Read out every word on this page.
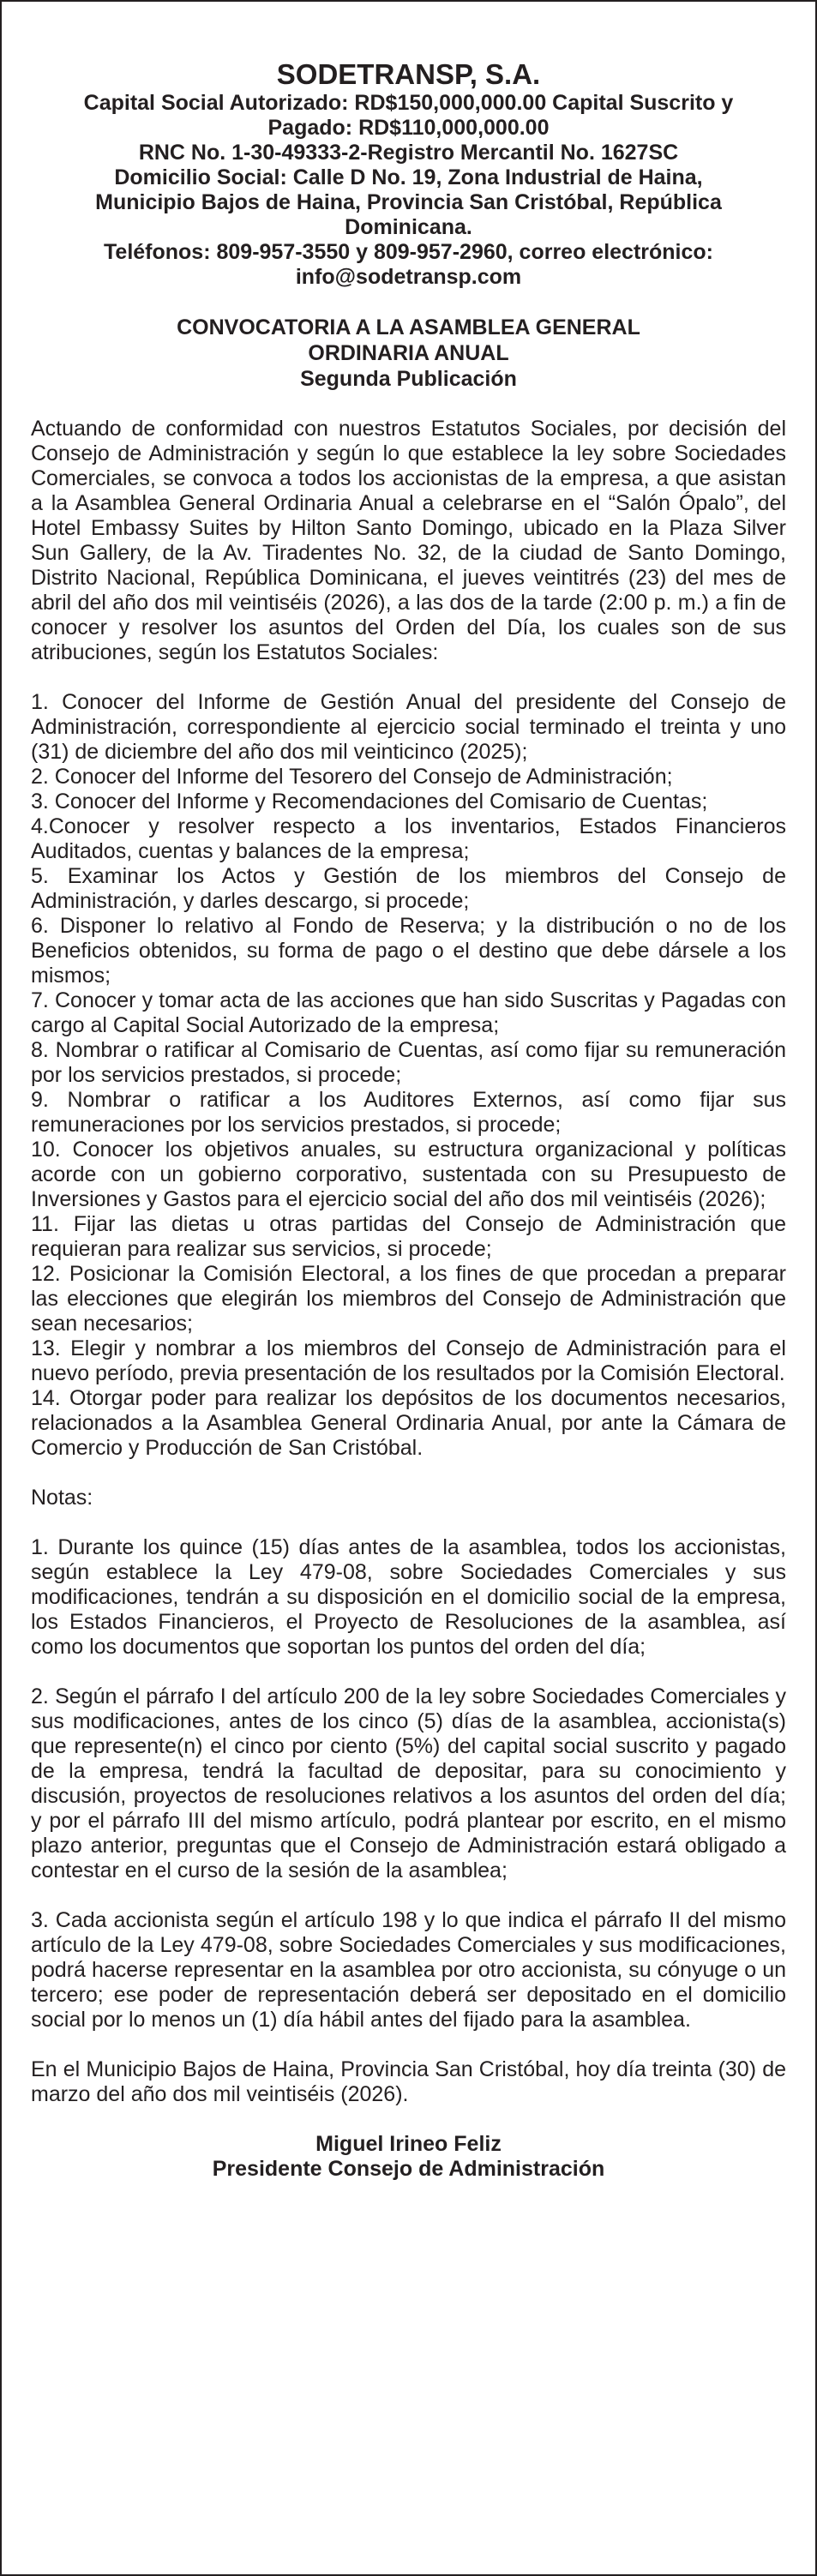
SODETRANSP, S.A.
Capital Social Autorizado: RD$150,000,000.00 Capital Suscrito y
Pagado: RD$110,000,000.00
RNC No. 1-30-49333-2-Registro Mercantil No. 1627SC
Domicilio Social: Calle D No. 19, Zona Industrial de Haina,
Municipio Bajos de Haina, Provincia San Cristóbal, República
Dominicana.
Teléfonos: 809-957-3550 y 809-957-2960, correo electrónico:
info@sodetransp.com
CONVOCATORIA A LA ASAMBLEA GENERAL
ORDINARIA ANUAL
Segunda Publicación

Actuando de conformidad con nuestros Estatutos Sociales, por decisión del Consejo de Administración y según lo que establece la ley sobre Sociedades Comerciales, se convoca a todos los accionistas de la empresa, a que asistan a la Asamblea General Ordinaria Anual a celebrarse en el “Salón Ópalo”, del Hotel Embassy Suites by Hilton Santo Domingo, ubicado en la Plaza Silver Sun Gallery, de la Av. Tiradentes No. 32, de la ciudad de Santo Domingo, Distrito Nacional, República Dominicana, el jueves veintitrés (23) del mes de abril del año dos mil veintiséis (2026), a las dos de la tarde (2:00 p. m.) a fin de conocer y resolver los asuntos del Orden del Día, los cuales son de sus atribuciones, según los Estatutos Sociales:

1. Conocer del Informe de Gestión Anual del presidente del Consejo de Administración, correspondiente al ejercicio social terminado el treinta y uno (31) de diciembre del año dos mil veinticinco (2025);

2. Conocer del Informe del Tesorero del Consejo de Administración;

3. Conocer del Informe y Recomendaciones del Comisario de Cuentas;

4.Conocer y resolver respecto a los inventarios, Estados Financieros Auditados, cuentas y balances de la empresa;

5. Examinar los Actos y Gestión de los miembros del Consejo de Administración, y darles descargo, si procede;

6. Disponer lo relativo al Fondo de Reserva; y la distribución o no de los Beneficios obtenidos, su forma de pago o el destino que debe dársele a los mismos;

7. Conocer y tomar acta de las acciones que han sido Suscritas y Pagadas con cargo al Capital Social Autorizado de la empresa;

8. Nombrar o ratificar al Comisario de Cuentas, así como fijar su remuneración por los servicios prestados, si procede;

9. Nombrar o ratificar a los Auditores Externos, así como fijar sus remuneraciones por los servicios prestados, si procede;

10. Conocer los objetivos anuales, su estructura organizacional y políticas acorde con un gobierno corporativo, sustentada con su Presupuesto de Inversiones y Gastos para el ejercicio social del año dos mil veintiséis (2026);

11. Fijar las dietas u otras partidas del Consejo de Administración que requieran para realizar sus servicios, si procede;

12. Posicionar la Comisión Electoral, a los fines de que procedan a preparar las elecciones que elegirán los miembros del Consejo de Administración que sean necesarios;

13. Elegir y nombrar a los miembros del Consejo de Administración para el nuevo período, previa presentación de los resultados por la Comisión Electoral.

14. Otorgar poder para realizar los depósitos de los documentos necesarios, relacionados a la Asamblea General Ordinaria Anual, por ante la Cámara de Comercio y Producción de San Cristóbal.

Notas:

1. Durante los quince (15) días antes de la asamblea, todos los accionistas, según establece la Ley 479-08, sobre Sociedades Comerciales y sus modificaciones, tendrán a su disposición en el domicilio social de la empresa, los Estados Financieros, el Proyecto de Resoluciones de la asamblea, así como los documentos que soportan los puntos del orden del día;

2. Según el párrafo I del artículo 200 de la ley sobre Sociedades Comerciales y sus modificaciones, antes de los cinco (5) días de la asamblea, accionista(s) que represente(n) el cinco por ciento (5%) del capital social suscrito y pagado de la empresa, tendrá la facultad de depositar, para su conocimiento y discusión, proyectos de resoluciones relativos a los asuntos del orden del día; y por el párrafo III del mismo artículo, podrá plantear por escrito, en el mismo plazo anterior, preguntas que el Consejo de Administración estará obligado a contestar en el curso de la sesión de la asamblea;

3. Cada accionista según el artículo 198 y lo que indica el párrafo II del mismo artículo de la Ley 479-08, sobre Sociedades Comerciales y sus modificaciones, podrá hacerse representar en la asamblea por otro accionista, su cónyuge o un tercero; ese poder de representación deberá ser depositado en el domicilio social por lo menos un (1) día hábil antes del fijado para la asamblea.

En el Municipio Bajos de Haina, Provincia San Cristóbal, hoy día treinta (30) de marzo del año dos mil veintiséis (2026).

Miguel Irineo Feliz
Presidente Consejo de Administración
